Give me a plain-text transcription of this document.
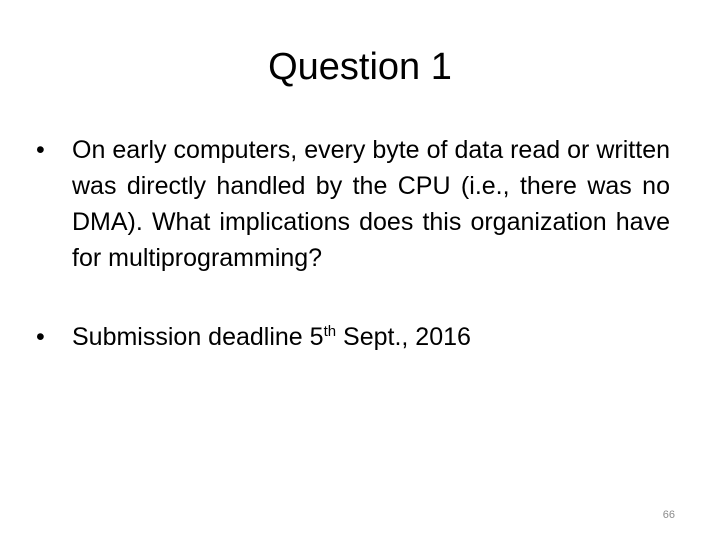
Question 1
•	On early computers, every byte of data read or written was directly handled by the CPU (i.e., there was no DMA). What implications does this organization have for multiprogramming?
•	Submission deadline 5th Sept., 2016
66
